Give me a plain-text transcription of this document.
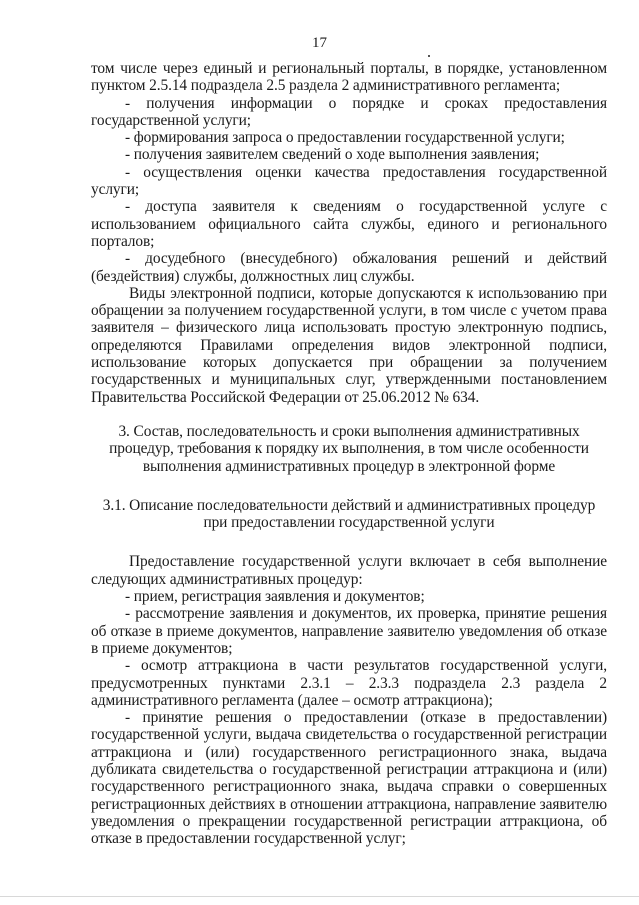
17

том числе через единый и региональный порталы, в порядке, установленном пунктом 2.5.14 подраздела 2.5 раздела 2 административного регламента;

- получения информации о порядке и сроках предоставления государственной услуги;

- формирования запроса о предоставлении государственной услуги;

- получения заявителем сведений о ходе выполнения заявления;

- осуществления оценки качества предоставления государственной услуги;

- доступа заявителя к сведениям о государственной услуге с использованием официального сайта службы, единого и регионального порталов;

- досудебного (внесудебного) обжалования решений и действий (бездействия) службы, должностных лиц службы.

Виды электронной подписи, которые допускаются к использованию при обращении за получением государственной услуги, в том числе с учетом права заявителя – физического лица использовать простую электронную подпись, определяются Правилами определения видов электронной подписи, использование которых допускается при обращении за получением государственных и муниципальных слуг, утвержденными постановлением Правительства Российской Федерации от 25.06.2012 № 634.

3. Состав, последовательность и сроки выполнения административных процедур, требования к порядку их выполнения, в том числе особенности выполнения административных процедур в электронной форме

3.1. Описание последовательности действий и административных процедур при предоставлении государственной услуги

Предоставление государственной услуги включает в себя выполнение следующих административных процедур:

- прием, регистрация заявления и документов;

- рассмотрение заявления и документов, их проверка, принятие решения об отказе в приеме документов, направление заявителю уведомления об отказе в приеме документов;

- осмотр аттракциона в части результатов государственной услуги, предусмотренных пунктами 2.3.1 – 2.3.3 подраздела 2.3 раздела 2 административного регламента (далее – осмотр аттракциона);

- принятие решения о предоставлении (отказе в предоставлении) государственной услуги, выдача свидетельства о государственной регистрации аттракциона и (или) государственного регистрационного знака, выдача дубликата свидетельства о государственной регистрации аттракциона и (или) государственного регистрационного знака, выдача справки о совершенных регистрационных действиях в отношении аттракциона, направление заявителю уведомления о прекращении государственной регистрации аттракциона, об отказе в предоставлении государственной услуг;
